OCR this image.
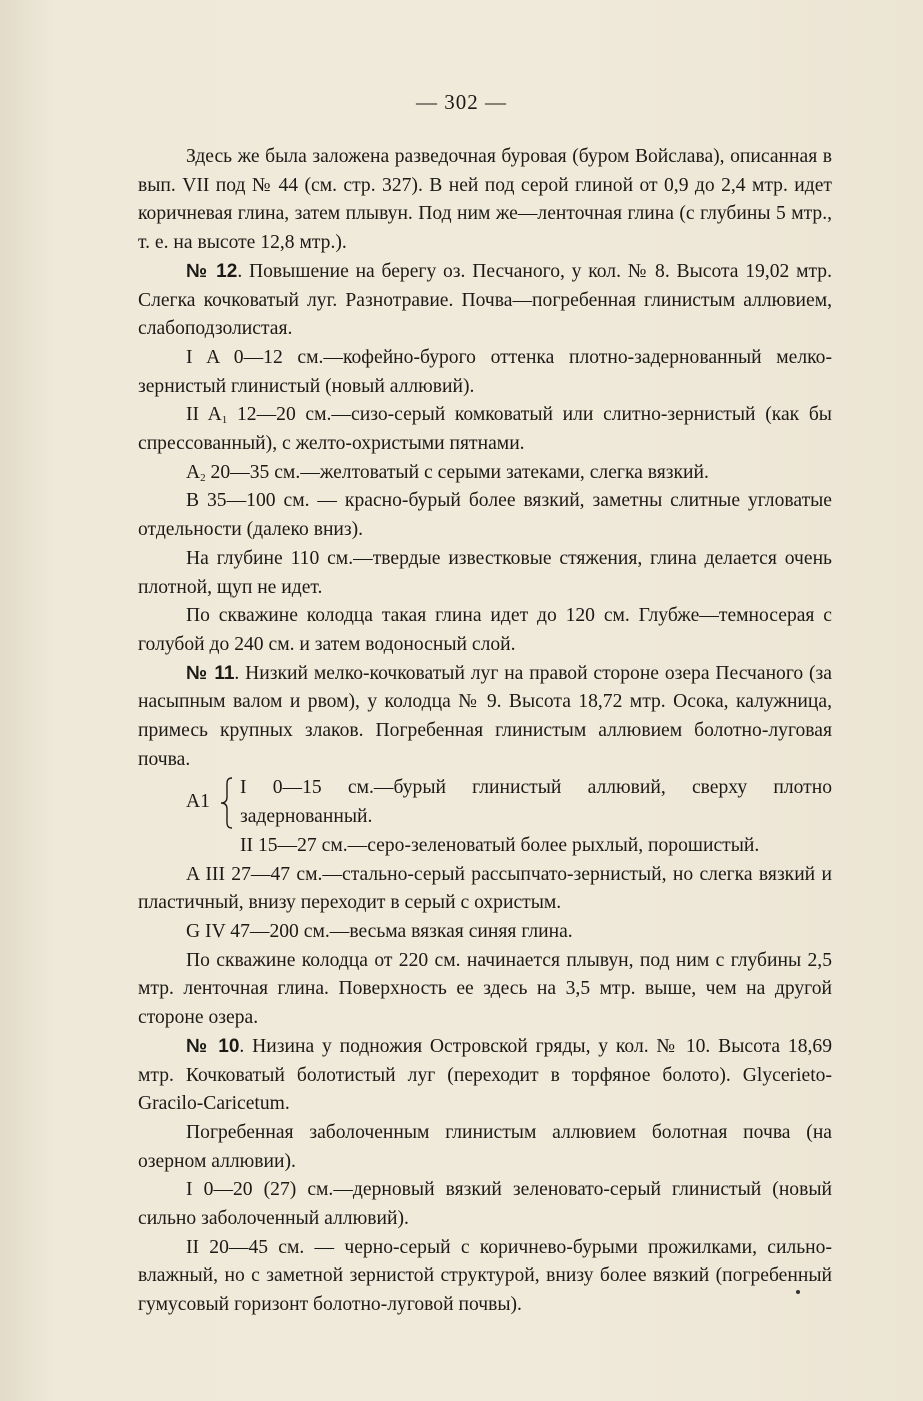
— 302 —

Здесь же была заложена разведочная буровая (буром Войслава), описанная в вып. VII под № 44 (см. стр. 327). В ней под серой глиной от 0,9 до 2,4 мтр. идет коричневая глина, затем плывун. Под ним же—ленточная глина (с глубины 5 мтр., т. е. на высоте 12,8 мтр.).

№ 12. Повышение на берегу оз. Песчаного, у кол. № 8. Высота 19,02 мтр. Слегка кочковатый луг. Разнотравие. Почва—погребенная глинистым аллювием, слабоподзолистая.

I A 0—12 см.—кофейно-бурого оттенка плотно-задернованный мелко-зернистый глинистый (новый аллювий).

II $A_1$ 12—20 см.—сизо-серый комковатый или слитно-зернистый (как бы спрессованный), с желто-охристыми пятнами.

$A_2$ 20—35 см.—желтоватый с серыми затеками, слегка вязкий.

B 35—100 см. — красно-бурый более вязкий, заметны слитные угловатые отдельности (далеко вниз).

На глубине 110 см.—твердые известковые стяжения, глина делается очень плотной, щуп не идет.

По скважине колодца такая глина идет до 120 см. Глубже—темносерая с голубой до 240 см. и затем водоносный слой.

№ 11. Низкий мелко-кочковатый луг на правой стороне озера Песчаного (за насыпным валом и рвом), у колодца № 9. Высота 18,72 мтр. Осока, калужница, примесь крупных злаков. Погребенная глинистым аллювием болотно-луговая почва.

A1

I 0—15 см.—бурый глинистый аллювий, сверху плотно задернованный.

II 15—27 см.—серо-зеленоватый более рыхлый, порошистый.

A III 27—47 см.—стально-серый рассыпчато-зернистый, но слегка вязкий и пластичный, внизу переходит в серый с охристым.

G IV 47—200 см.—весьма вязкая синяя глина.

По скважине колодца от 220 см. начинается плывун, под ним с глубины 2,5 мтр. ленточная глина. Поверхность ее здесь на 3,5 мтр. выше, чем на другой стороне озера.

№ 10. Низина у подножия Островской гряды, у кол. № 10. Высота 18,69 мтр. Кочковатый болотистый луг (переходит в торфяное болото). Glycerieto-Gracilo-Caricetum.

Погребенная заболоченным глинистым аллювием болотная почва (на озерном аллювии).

I 0—20 (27) см.—дерновый вязкий зеленовато-серый глинистый (новый сильно заболоченный аллювий).

II 20—45 см. — черно-серый с коричнево-бурыми прожилками, сильно-влажный, но с заметной зернистой структурой, внизу более вязкий (погребенный гумусовый горизонт болотно-луговой почвы).
